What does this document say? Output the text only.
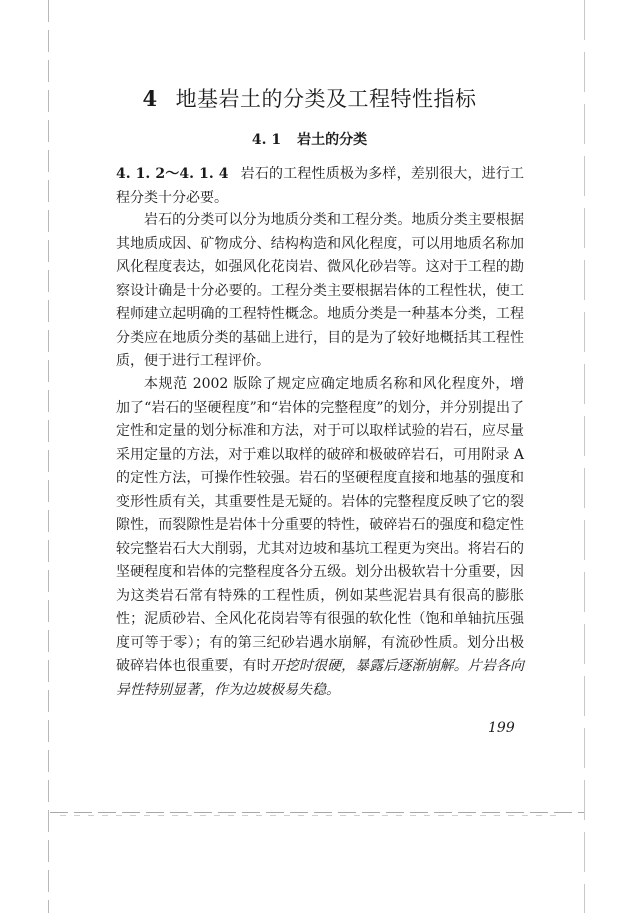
4 地基岩土的分类及工程特性指标
4. 1 岩土的分类
4. 1. 2～4. 1. 4 岩石的工程性质极为多样，差别很大，进行工程分类十分必要。
岩石的分类可以分为地质分类和工程分类。地质分类主要根据其地质成因、矿物成分、结构构造和风化程度，可以用地质名称加风化程度表达，如强风化花岗岩、微风化砂岩等。这对于工程的勘察设计确是十分必要的。工程分类主要根据岩体的工程性状，使工程师建立起明确的工程特性概念。地质分类是一种基本分类，工程分类应在地质分类的基础上进行，目的是为了较好地概括其工程性质，便于进行工程评价。
本规范 2002 版除了规定应确定地质名称和风化程度外，增加了“岩石的坚硬程度”和“岩体的完整程度”的划分，并分别提出了定性和定量的划分标准和方法，对于可以取样试验的岩石，应尽量采用定量的方法，对于难以取样的破碎和极破碎岩石，可用附录 A 的定性方法，可操作性较强。岩石的坚硬程度直接和地基的强度和变形性质有关，其重要性是无疑的。岩体的完整程度反映了它的裂隙性，而裂隙性是岩体十分重要的特性，破碎岩石的强度和稳定性较完整岩石大大削弱，尤其对边坡和基坑工程更为突出。将岩石的坚硬程度和岩体的完整程度各分五级。划分出极软岩十分重要，因为这类岩石常有特殊的工程性质，例如某些泥岩具有很高的膨胀性；泥质砂岩、全风化花岗岩等有很强的软化性（饱和单轴抗压强度可等于零）；有的第三纪砂岩遇水崩解，有流砂性质。划分出极破碎岩体也很重要，有时开挖时很硬，暴露后逐渐崩解。片岩各向异性特别显著，作为边坡极易失稳。
199
